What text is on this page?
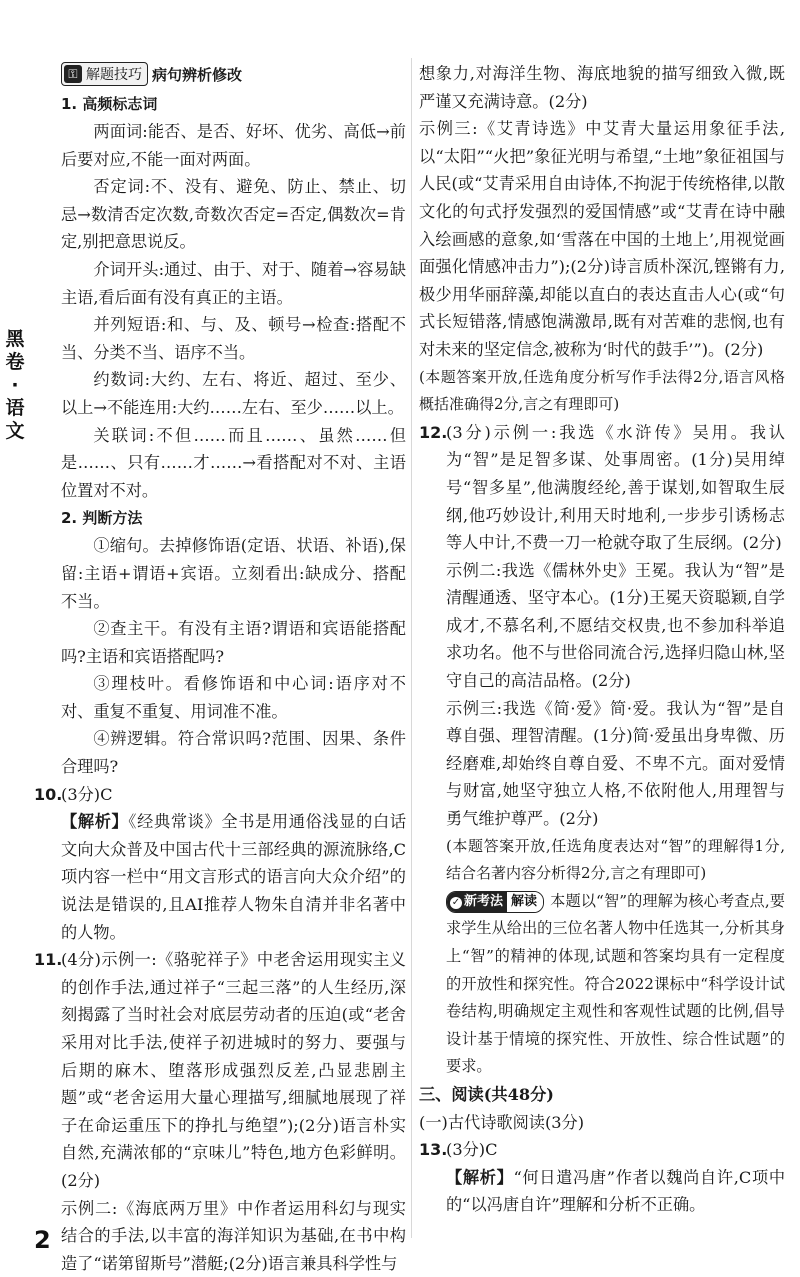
黑卷·语文
⚿ 解题技巧 病句辨析修改

1. 高频标志词

两面词:能否、是否、好坏、优劣、高低→前后要对应,不能一面对两面。

否定词:不、没有、避免、防止、禁止、切忌→数清否定次数,奇数次否定=否定,偶数次=肯定,别把意思说反。

介词开头:通过、由于、对于、随着→容易缺主语,看后面有没有真正的主语。

并列短语:和、与、及、顿号→检查:搭配不当、分类不当、语序不当。

约数词:大约、左右、将近、超过、至少、以上→不能连用:大约……左右、至少……以上。

关联词:不但……而且……、虽然……但是……、只有……才……→看搭配对不对、主语位置对不对。

2. 判断方法

①缩句。去掉修饰语(定语、状语、补语),保留:主语+谓语+宾语。立刻看出:缺成分、搭配不当。

②查主干。有没有主语?谓语和宾语能搭配吗?主语和宾语搭配吗?

③理枝叶。看修饰语和中心词:语序对不对、重复不重复、用词准不准。

④辨逻辑。符合常识吗?范围、因果、条件合理吗?

10.(3分)C

【解析】《经典常谈》全书是用通俗浅显的白话文向大众普及中国古代十三部经典的源流脉络,C项内容一栏中“用文言形式的语言向大众介绍”的说法是错误的,且AI推荐人物朱自清并非名著中的人物。

11.(4分)示例一:《骆驼祥子》中老舍运用现实主义的创作手法,通过祥子“三起三落”的人生经历,深刻揭露了当时社会对底层劳动者的压迫(或“老舍采用对比手法,使祥子初进城时的努力、要强与后期的麻木、堕落形成强烈反差,凸显悲剧主题”或“老舍运用大量心理描写,细腻地展现了祥子在命运重压下的挣扎与绝望”);(2分)语言朴实自然,充满浓郁的“京味儿”特色,地方色彩鲜明。(2分)

示例二:《海底两万里》中作者运用科幻与现实结合的手法,以丰富的海洋知识为基础,在书中构造了“诺第留斯号”潜艇;(2分)语言兼具科学性与

想象力,对海洋生物、海底地貌的描写细致入微,既严谨又充满诗意。(2分)

示例三:《艾青诗选》中艾青大量运用象征手法,以“太阳”“火把”象征光明与希望,“土地”象征祖国与人民(或“艾青采用自由诗体,不拘泥于传统格律,以散文化的句式抒发强烈的爱国情感”或“艾青在诗中融入绘画感的意象,如‘雪落在中国的土地上’,用视觉画面强化情感冲击力”);(2分)诗言质朴深沉,铿锵有力,极少用华丽辞藻,却能以直白的表达直击人心(或“句式长短错落,情感饱满激昂,既有对苦难的悲悯,也有对未来的坚定信念,被称为‘时代的鼓手’”)。(2分)

(本题答案开放,任选角度分析写作手法得2分,语言风格概括准确得2分,言之有理即可)

12.(3分)示例一:我选《水浒传》吴用。我认为“智”是足智多谋、处事周密。(1分)吴用绰号“智多星”,他满腹经纶,善于谋划,如智取生辰纲,他巧妙设计,利用天时地利,一步步引诱杨志等人中计,不费一刀一枪就夺取了生辰纲。(2分)

示例二:我选《儒林外史》王冕。我认为“智”是清醒通透、坚守本心。(1分)王冕天资聪颖,自学成才,不慕名利,不愿结交权贵,也不参加科举追求功名。他不与世俗同流合污,选择归隐山林,坚守自己的高洁品格。(2分)

示例三:我选《简·爱》简·爱。我认为“智”是自尊自强、理智清醒。(1分)简·爱虽出身卑微、历经磨难,却始终自尊自爱、不卑不亢。面对爱情与财富,她坚守独立人格,不依附他人,用理智与勇气维护尊严。(2分)

(本题答案开放,任选角度表达对“智”的理解得1分,结合名著内容分析得2分,言之有理即可)

✓ 新考法 解读 本题以“智”的理解为核心考查点,要求学生从给出的三位名著人物中任选其一,分析其身上“智”的精神的体现,试题和答案均具有一定程度的开放性和探究性。符合2022课标中“科学设计试卷结构,明确规定主观性和客观性试题的比例,倡导设计基于情境的探究性、开放性、综合性试题”的要求。

三、阅读(共48分)

(一)古代诗歌阅读(3分)

13.(3分)C

【解析】“何日遣冯唐”作者以魏尚自许,C项中的“以冯唐自许”理解和分析不正确。

2
